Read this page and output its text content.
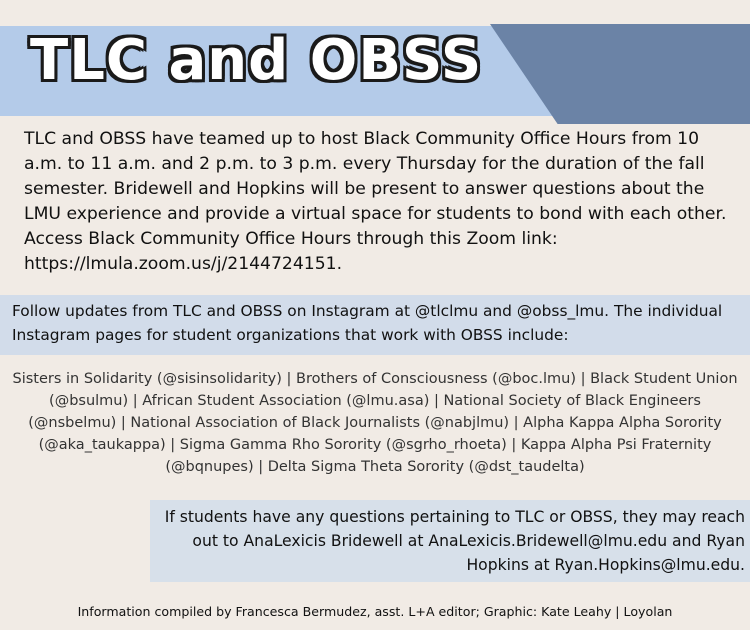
TLC and OBSS

TLC and OBSS have teamed up to host Black Community Office Hours from 10 a.m. to 11 a.m. and 2 p.m. to 3 p.m. every Thursday for the duration of the fall semester. Bridewell and Hopkins will be present to answer questions about the LMU experience and provide a virtual space for students to bond with each other. Access Black Community Office Hours through this Zoom link: https://lmula.zoom.us/j/2144724151.

Follow updates from TLC and OBSS on Instagram at @tlclmu and @obss_lmu. The individual Instagram pages for student organizations that work with OBSS include:

Sisters in Solidarity (@sisinsolidarity) | Brothers of Consciousness (@boc.lmu) | Black Student Union (@bsulmu) | African Student Association (@lmu.asa) | National Society of Black Engineers (@nsbelmu) | National Association of Black Journalists (@nabjlmu) | Alpha Kappa Alpha Sorority (@aka_taukappa) | Sigma Gamma Rho Sorority (@sgrho_rhoeta) | Kappa Alpha Psi Fraternity (@bqnupes) | Delta Sigma Theta Sorority (@dst_taudelta)

If students have any questions pertaining to TLC or OBSS, they may reach out to AnaLexicis Bridewell at AnaLexicis.Bridewell@lmu.edu and Ryan Hopkins at Ryan.Hopkins@lmu.edu.

Information compiled by Francesca Bermudez, asst. L+A editor; Graphic: Kate Leahy | Loyolan
